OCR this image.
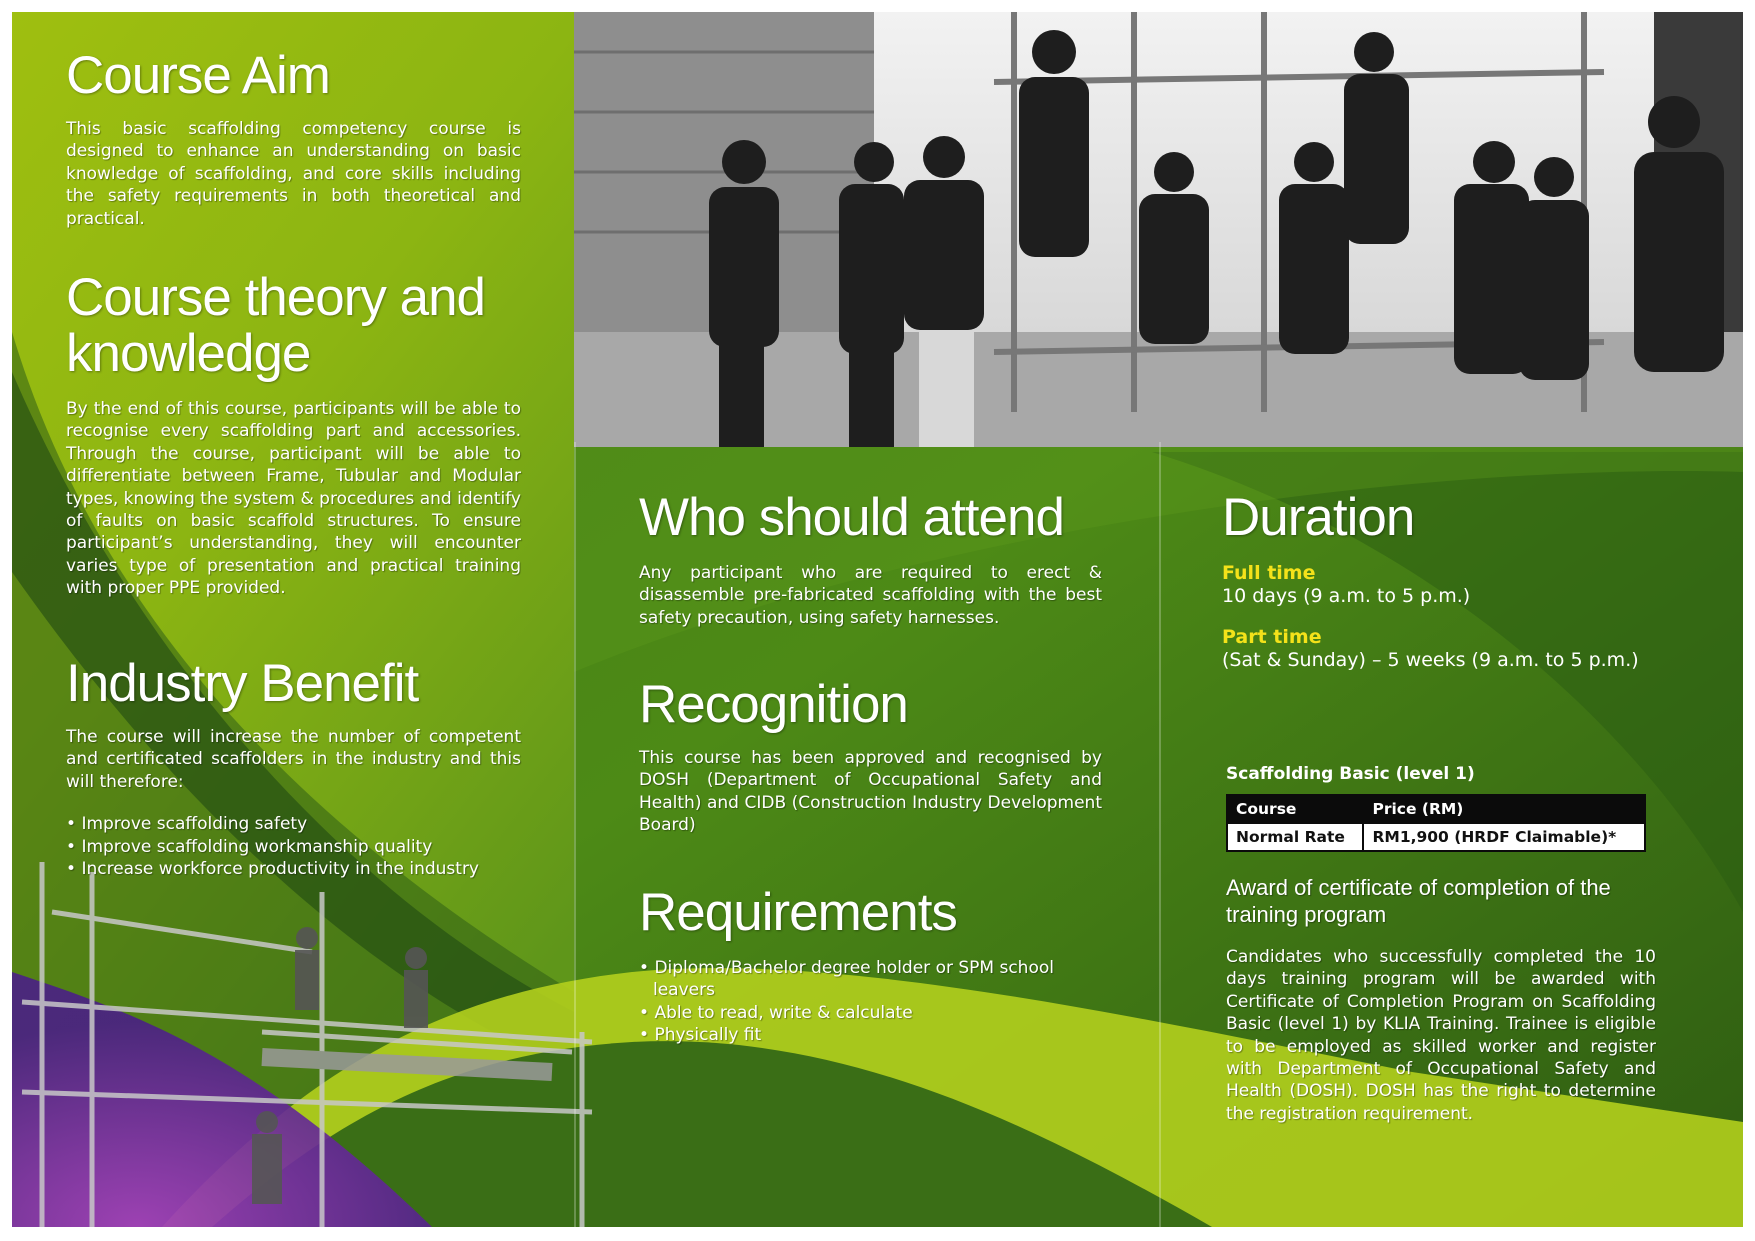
Course Aim

This basic scaffolding competency course is designed to enhance an understanding on basic knowledge of scaffolding, and core skills including the safety requirements in both theoretical and practical.

Course theory and knowledge

By the end of this course, participants will be able to recognise every scaffolding part and accessories. Through the course, participant will be able to differentiate between Frame, Tubular and Modular types, knowing the system & procedures and identify of faults on basic scaffold structures. To ensure participant’s understanding, they will encounter varies type of presentation and practical training with proper PPE provided.

Industry Benefit

The course will increase the number of competent and certificated scaffolders in the industry and this will therefore:

• Improve scaffolding safety
• Improve scaffolding workmanship quality
• Increase workforce productivity in the industry
Who should attend

Any participant who are required to erect & disassemble pre-fabricated scaffolding with the best safety precaution, using safety harnesses.

Recognition

This course has been approved and recognised by DOSH (Department of Occupational Safety and Health) and CIDB (Construction Industry Development Board)

Requirements
• Diploma/Bachelor degree holder or SPM school leavers
• Able to read, write & calculate
• Physically fit
Duration
Full time
10 days (9 a.m. to 5 p.m.)
Part time
(Sat & Sunday) – 5 weeks (9 a.m. to 5 p.m.)
Scaffolding Basic (level 1)
Course	Price (RM)
Normal Rate	RM1,900 (HRDF Claimable)*
Award of certificate of completion of the training program

Candidates who successfully completed the 10 days training program will be awarded with Certificate of Completion Program on Scaffolding Basic (level 1) by KLIA Training. Trainee is eligible to be employed as skilled worker and register with Department of Occupational Safety and Health (DOSH). DOSH has the right to determine the registration requirement.
